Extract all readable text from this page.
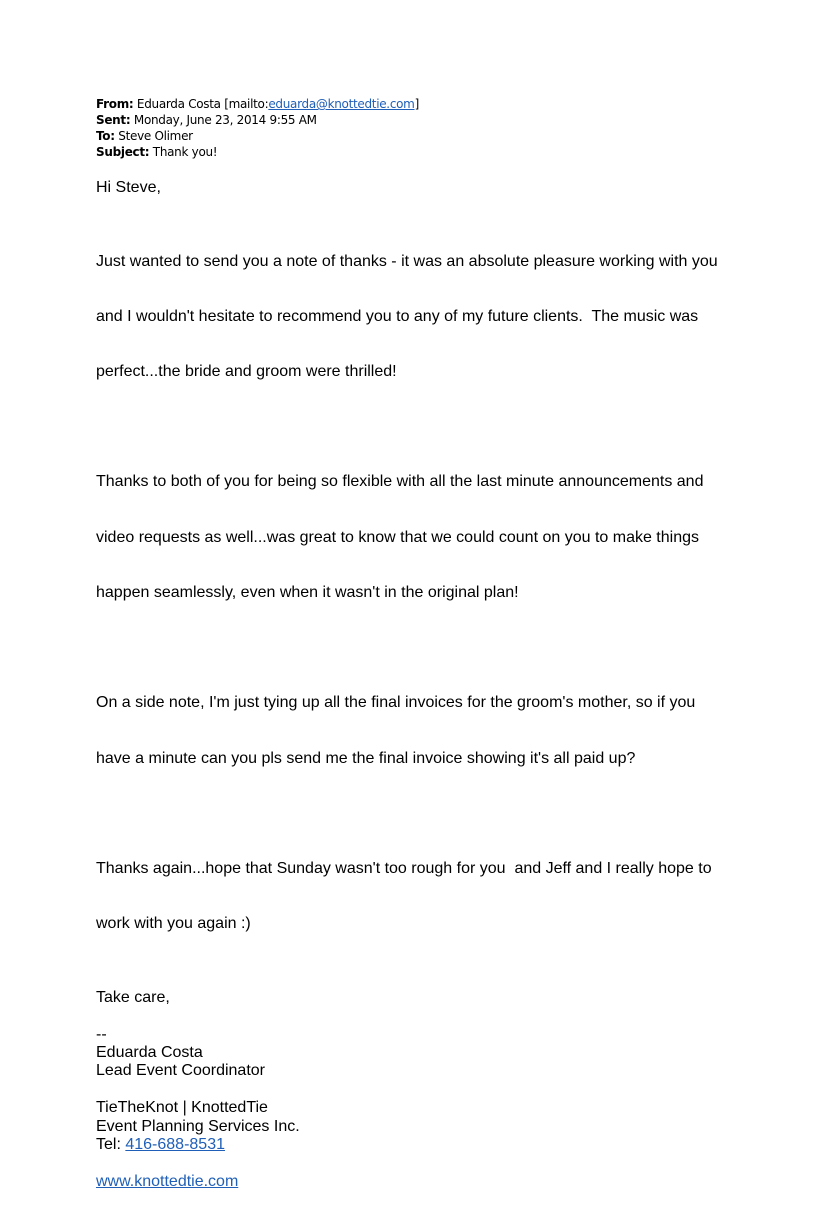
From: Eduarda Costa [mailto:eduarda@knottedtie.com]
Sent: Monday, June 23, 2014 9:55 AM
To: Steve Olimer
Subject: Thank you!

Hi Steve,

Just wanted to send you a note of thanks - it was an absolute pleasure working with you

and I wouldn't hesitate to recommend you to any of my future clients.  The music was

perfect...the bride and groom were thrilled!

Thanks to both of you for being so flexible with all the last minute announcements and

video requests as well...was great to know that we could count on you to make things

happen seamlessly, even when it wasn't in the original plan!

On a side note, I'm just tying up all the final invoices for the groom's mother, so if you

have a minute can you pls send me the final invoice showing it's all paid up?

Thanks again...hope that Sunday wasn't too rough for you  and Jeff and I really hope to

work with you again :)

Take care,

--
Eduarda Costa
Lead Event Coordinator
TieTheKnot | KnottedTie
Event Planning Services Inc.
Tel: 416-688-8531
www.knottedtie.com
